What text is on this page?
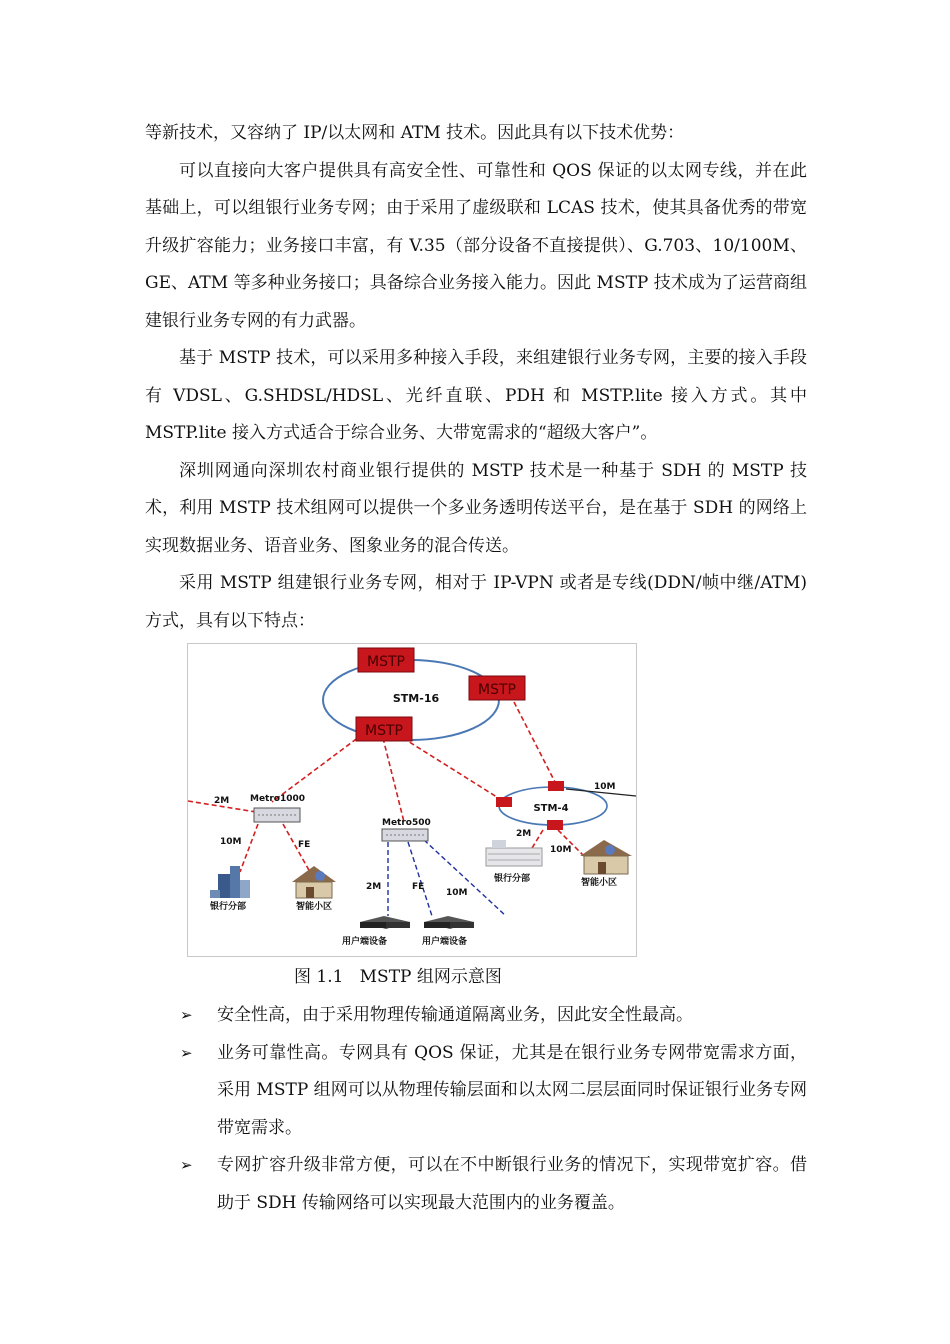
等新技术，又容纳了 IP/以太网和 ATM 技术。因此具有以下技术优势：

可以直接向大客户提供具有高安全性、可靠性和 QOS 保证的以太网专线，并在此基础上，可以组银行业务专网；由于采用了虚级联和 LCAS 技术，使其具备优秀的带宽升级扩容能力；业务接口丰富，有 V.35（部分设备不直接提供）、G.703、10/100M、GE、ATM 等多种业务接口；具备综合业务接入能力。因此 MSTP 技术成为了运营商组建银行业务专网的有力武器。

基于 MSTP 技术，可以采用多种接入手段，来组建银行业务专网，主要的接入手段有 VDSL、G.SHDSL/HDSL、光纤直联、PDH 和 MSTP.lite 接入方式。其中 MSTP.lite 接入方式适合于综合业务、大带宽需求的“超级大客户”。

深圳网通向深圳农村商业银行提供的 MSTP 技术是一种基于 SDH 的 MSTP 技术，利用 MSTP 技术组网可以提供一个多业务透明传送平台，是在基于 SDH 的网络上实现数据业务、语音业务、图象业务的混合传送。

采用 MSTP 组建银行业务专网，相对于 IP-VPN 或者是专线(DDN/帧中继/ATM)方式，具有以下特点：

MSTP
MSTP
MSTP
STM-16
STM-4
Metro1000
Metro500
2M
10M	FE
2M	FE
10M
10M
2M
10M
银行分部	智能小区
用户端设备	用户端设备
银行分部	智能小区
图 1.1   MSTP 组网示意图
➢	安全性高，由于采用物理传输通道隔离业务，因此安全性最高。
➢	业务可靠性高。专网具有 QOS 保证，尤其是在银行业务专网带宽需求方面，采用 MSTP 组网可以从物理传输层面和以太网二层层面同时保证银行业务专网带宽需求。
➢	专网扩容升级非常方便，可以在不中断银行业务的情况下，实现带宽扩容。借助于 SDH 传输网络可以实现最大范围内的业务覆盖。
